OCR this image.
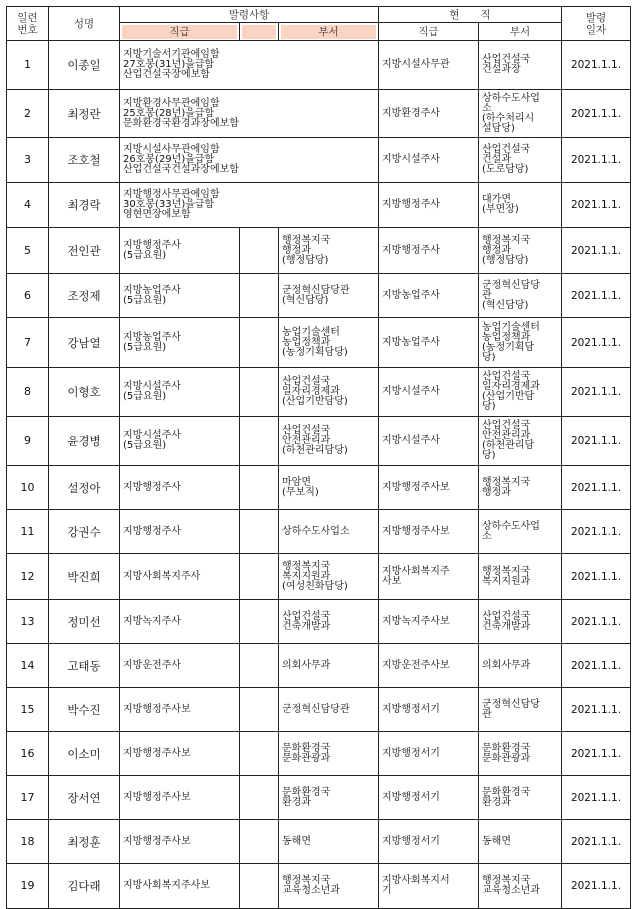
일련
번호	성명	발령사항			현　　직		발령
일자

		직급		부서	직급	부서	
1	이종일	지방기술서기관에임함
27호봉(31년)을급함
산업건설국장에보함			지방시설사무관	산업건설국
건설과장	2021.1.1.
2	최정란	지방환경사무관에임함
25호봉(28년)을급함
문화환경국환경과장에보함			지방환경주사	상하수도사업
소
(하수처리시
설담당)	2021.1.1.
3	조호철	지방시설사무관에임함
26호봉(29년)을급함
산업건설국건설과장에보함			지방시설주사	산업건설국
건설과
(도로담당)	2021.1.1.
4	최경락	지방행정사무관에임함
30호봉(33년)을급함
영현면장에보함			지방행정주사	대가면
(부면장)	2021.1.1.
5	전인관	지방행정주사
(5급요원)		행정복지국
행정과
(행정담당)	지방행정주사	행정복지국
행정과
(행정담당)	2021.1.1.
6	조정제	지방농업주사
(5급요원)		군정혁신담당관
(혁신담당)	지방농업주사	군정혁신담당
관
(혁신담당)	2021.1.1.
7	강남열	지방농업주사
(5급요원)		농업기술센터
농업정책과
(농정기획담당)	지방농업주사	농업기술센터
농업정책과
(농정기획담
당)	2021.1.1.
8	이형호	지방시설주사
(5급요원)		산업건설국
일자리경제과
(산업기반담당)	지방시설주사	산업건설국
일자리경제과
(산업기반담
당)	2021.1.1.
9	윤경병	지방시설주사
(5급요원)		산업건설국
안전관리과
(하천관리담당)	지방시설주사	산업건설국
안전관리과
(하천관리담
당)	2021.1.1.
10	설정아	지방행정주사		마암면
(무보직)	지방행정주사보	행정복지국
행정과	2021.1.1.
11	강권수	지방행정주사		상하수도사업소	지방행정주사보	상하수도사업
소	2021.1.1.
12	박진희	지방사회복지주사		행정복지국
복지지원과
(여성친화담당)	지방사회복지주
사보	행정복지국
복지지원과	2021.1.1.
13	정미선	지방녹지주사		산업건설국
건축개발과	지방녹지주사보	산업건설국
건축개발과	2021.1.1.
14	고태동	지방운전주사		의회사무과	지방운전주사보	의회사무과	2021.1.1.
15	박수진	지방행정주사보		군정혁신담당관	지방행정서기	군정혁신담당
관	2021.1.1.
16	이소미	지방행정주사보		문화환경국
문화관광과	지방행정서기	문화환경국
문화관광과	2021.1.1.
17	장서연	지방행정주사보		문화환경국
환경과	지방행정서기	문화환경국
환경과	2021.1.1.
18	최정훈	지방행정주사보		동해면	지방행정서기	동해면	2021.1.1.
19	김다래	지방사회복지주사보		행정복지국
교육청소년과	지방사회복지서
기	행정복지국
교육청소년과	2021.1.1.
